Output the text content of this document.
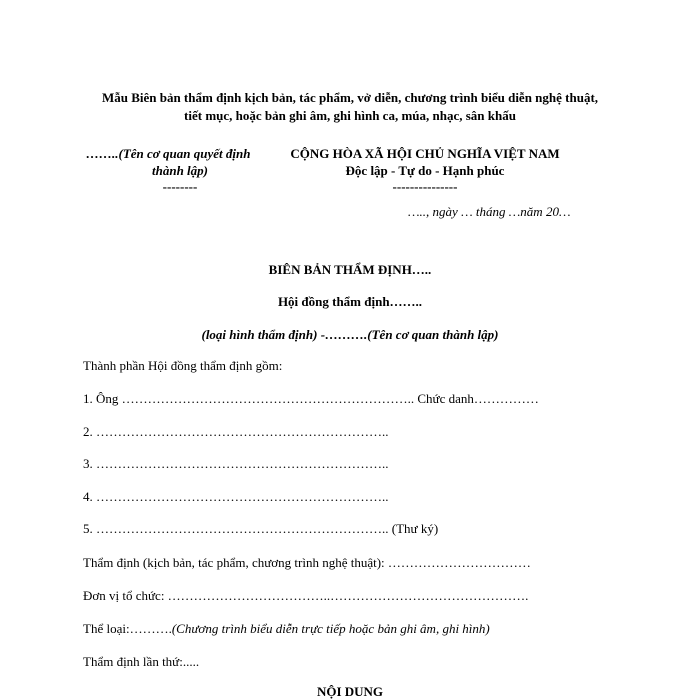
Mẫu Biên bản thẩm định kịch bản, tác phẩm, vở diễn, chương trình biểu diễn nghệ thuật,
tiết mục, hoặc bản ghi âm, ghi hình ca, múa, nhạc, sân khấu
……..(Tên cơ quan quyết định
thành lập)
--------
CỘNG HÒA XÃ HỘI CHỦ NGHĨA VIỆT NAM
Độc lập - Tự do - Hạnh phúc
---------------
….., ngày … tháng …năm 20…
BIÊN BẢN THẨM ĐỊNH…..
Hội đồng thẩm định……..
(loại hình thẩm định) -……….(Tên cơ quan thành lập)
Thành phần Hội đồng thẩm định gồm:
1. Ông ………………………………………………………….. Chức danh……………
2. …………………………………………………………..
3. …………………………………………………………..
4. …………………………………………………………..
5. ………………………………………………………….. (Thư ký)
Thẩm định (kịch bản, tác phẩm, chương trình nghệ thuật): ……………………………
Đơn vị tổ chức: ………………………………..……………………………………….
Thể loại:……….(Chương trình biểu diễn trực tiếp hoặc bản ghi âm, ghi hình)
Thẩm định lần thứ:.....
NỘI DUNG
